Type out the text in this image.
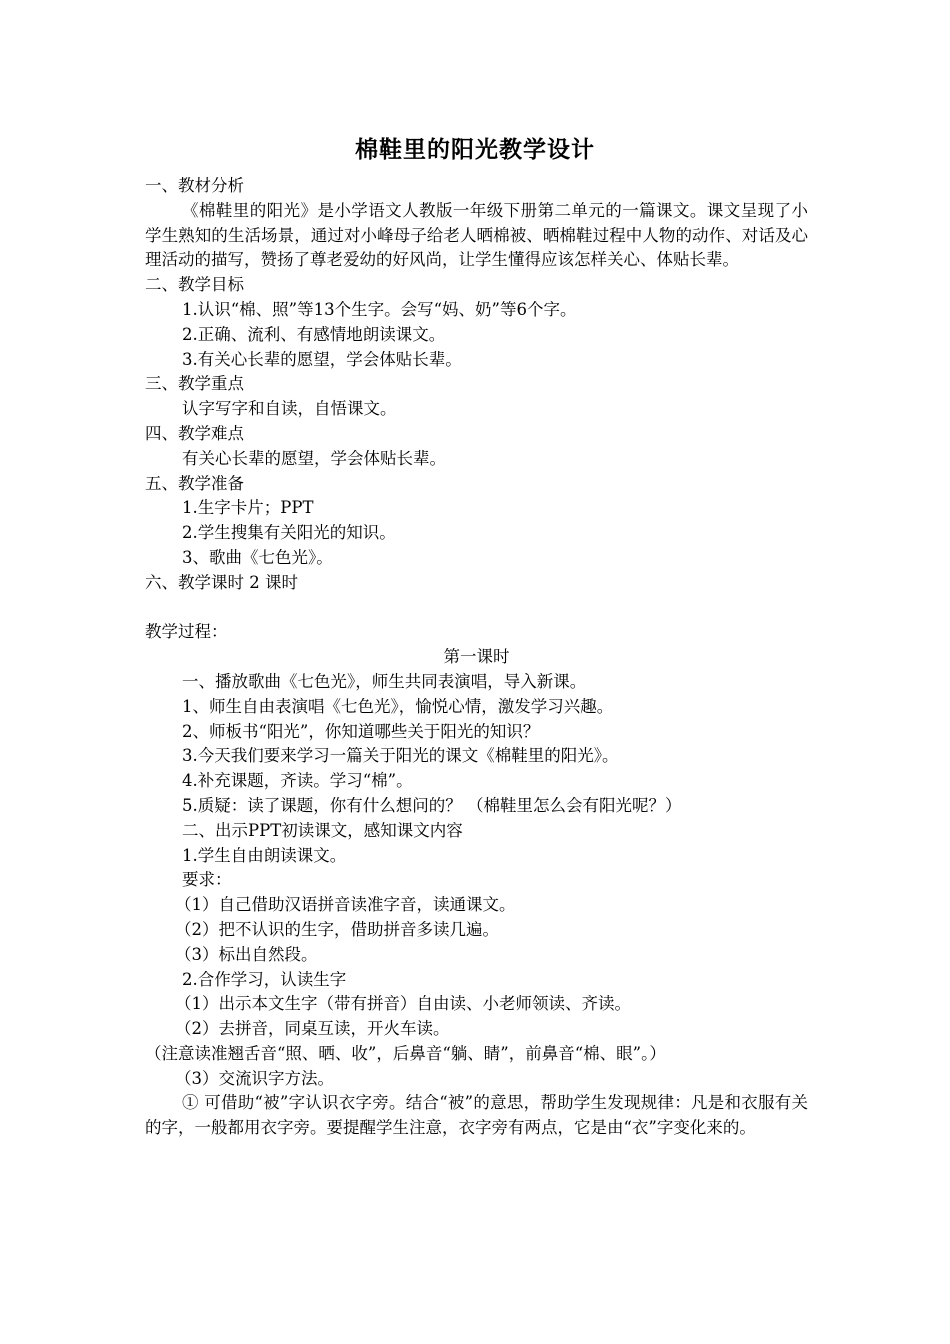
棉鞋里的阳光教学设计

一、教材分析

《棉鞋里的阳光》是小学语文人教版一年级下册第二单元的一篇课文。课文呈现了小学生熟知的生活场景，通过对小峰母子给老人晒棉被、晒棉鞋过程中人物的动作、对话及心理活动的描写，赞扬了尊老爱幼的好风尚，让学生懂得应该怎样关心、体贴长辈。

二、教学目标

1.认识“棉、照”等13个生字。会写“妈、奶”等6个字。

2.正确、流利、有感情地朗读课文。

3.有关心长辈的愿望，学会体贴长辈。

三、教学重点

认字写字和自读，自悟课文。

四、教学难点

有关心长辈的愿望，学会体贴长辈。

五、教学准备

1.生字卡片；PPT

2.学生搜集有关阳光的知识。

3、歌曲《七色光》。

六、教学课时 2 课时

教学过程：

第一课时

一、播放歌曲《七色光》，师生共同表演唱，导入新课。

1、师生自由表演唱《七色光》，愉悦心情，激发学习兴趣。

2、师板书“阳光”，你知道哪些关于阳光的知识？

3.今天我们要来学习一篇关于阳光的课文《棉鞋里的阳光》。

4.补充课题，齐读。学习“棉”。

5.质疑：读了课题，你有什么想问的？ （棉鞋里怎么会有阳光呢？）

二、出示PPT初读课文，感知课文内容

1.学生自由朗读课文。

要求：

（1）自己借助汉语拼音读准字音，读通课文。

（2）把不认识的生字，借助拼音多读几遍。

（3）标出自然段。

2.合作学习，认读生字

（1）出示本文生字（带有拼音）自由读、小老师领读、齐读。

（2）去拼音，同桌互读，开火车读。

（注意读准翘舌音“照、晒、收”，后鼻音“躺、睛”，前鼻音“棉、眼”。）

（3）交流识字方法。

① 可借助“被”字认识衣字旁。结合“被”的意思，帮助学生发现规律：凡是和衣服有关的字，一般都用衣字旁。要提醒学生注意，衣字旁有两点，它是由“衣”字变化来的。
